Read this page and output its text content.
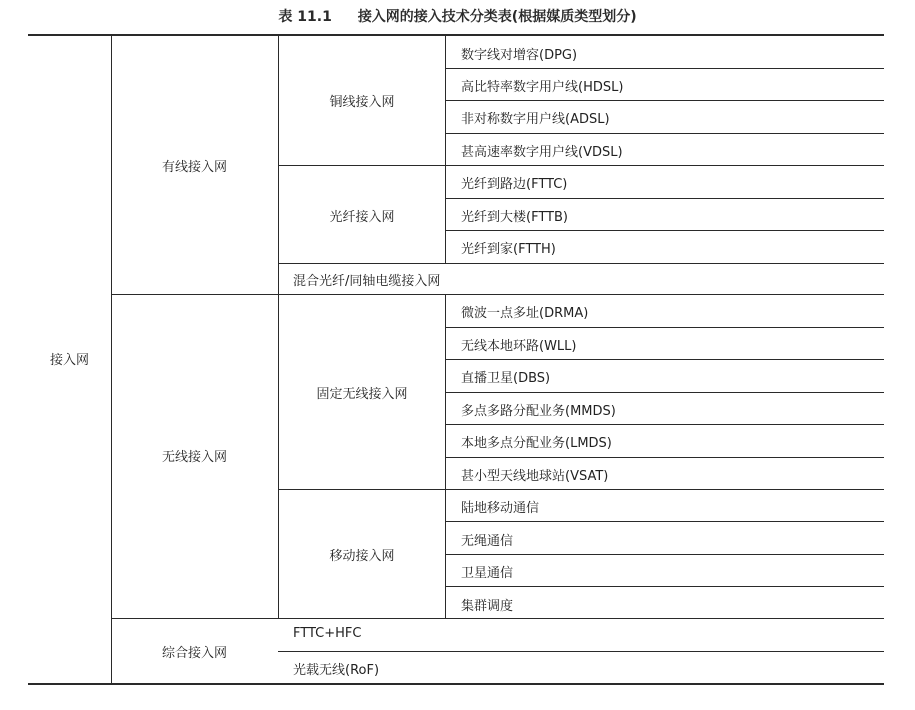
表 11.1 接入网的接入技术分类表(根据媒质类型划分)
接入网
有线接入网
无线接入网
综合接入网
铜线接入网
光纤接入网
混合光纤/同轴电缆接入网
固定无线接入网
移动接入网
FTTC+HFC
光载无线(RoF)
数字线对增容(DPG)
高比特率数字用户线(HDSL)
非对称数字用户线(ADSL)
甚高速率数字用户线(VDSL)
光纤到路边(FTTC)
光纤到大楼(FTTB)
光纤到家(FTTH)
微波一点多址(DRMA)
无线本地环路(WLL)
直播卫星(DBS)
多点多路分配业务(MMDS)
本地多点分配业务(LMDS)
甚小型天线地球站(VSAT)
陆地移动通信
无绳通信
卫星通信
集群调度
